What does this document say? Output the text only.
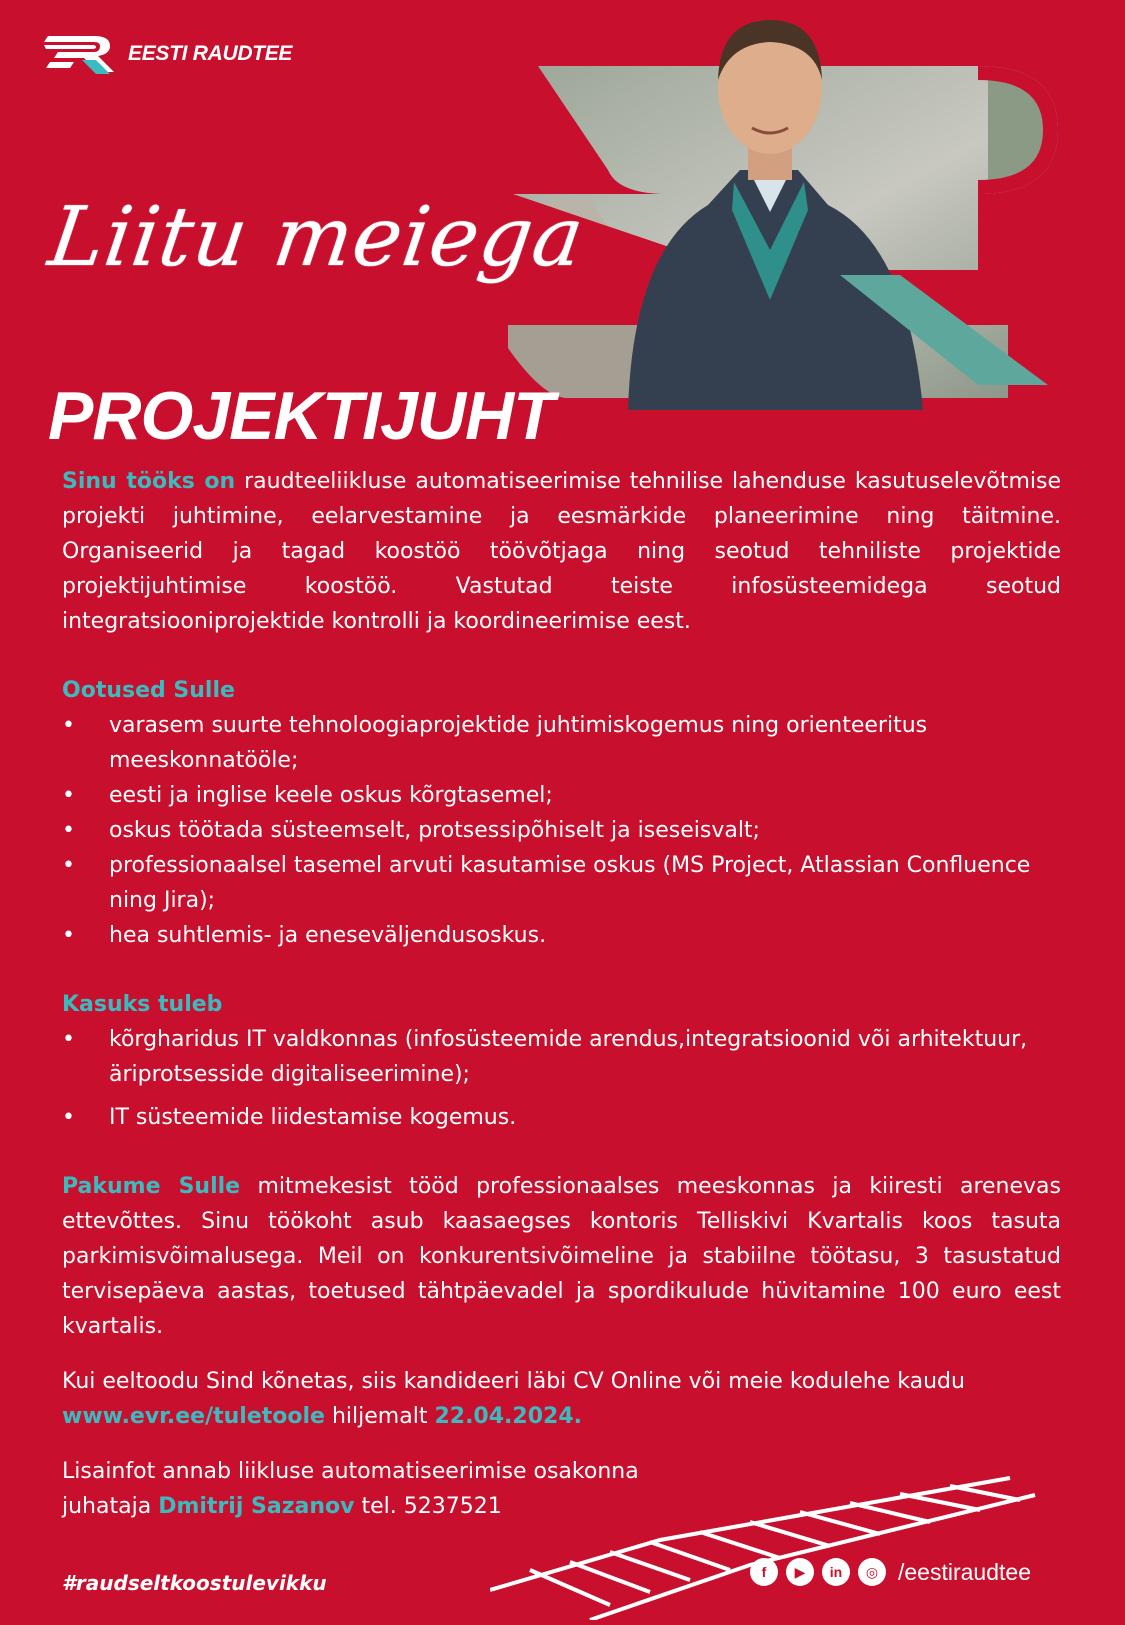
EESTI RAUDTEE
Liitu meiega
PROJEKTIJUHT

Sinu tööks on raudteeliikluse automatiseerimise tehnilise lahenduse kasutuselevõtmise projekti juhtimine, eelarvestamine ja eesmärkide planeerimine ning täitmine. Organiseerid ja tagad koostöö töövõtjaga ning seotud tehniliste projektide projektijuhtimise koostöö. Vastutad teiste infosüsteemidega seotud integratsiooniprojektide kontrolli ja koordineerimise eest.

Ootused Sulle
• varasem suurte tehnoloogiaprojektide juhtimiskogemus ning orienteeritus meeskonnatööle;
• eesti ja inglise keele oskus kõrgtasemel;
• oskus töötada süsteemselt, protsessipõhiselt ja iseseisvalt;
• professionaalsel tasemel arvuti kasutamise oskus (MS Project, Atlassian Confluence ning Jira);
• hea suhtlemis- ja eneseväljendusoskus.
Kasuks tuleb
• kõrgharidus IT valdkonnas (infosüsteemide arendus,integratsioonid või arhitektuur, äriprotsesside digitaliseerimine);
• IT süsteemide liidestamise kogemus.

Pakume Sulle mitmekesist tööd professionaalses meeskonnas ja kiiresti arenevas ettevõttes. Sinu töökoht asub kaasaegses kontoris Telliskivi Kvartalis koos tasuta parkimisvõimalusega. Meil on konkurentsivõimeline ja stabiilne töötasu, 3 tasustatud tervisepäeva aastas, toetused tähtpäevadel ja spordikulude hüvitamine 100 euro eest kvartalis.

Kui eeltoodu Sind kõnetas, siis kandideeri läbi CV Online või meie kodulehe kaudu
www.evr.ee/tuletoole hiljemalt 22.04.2024.

Lisainfot annab liikluse automatiseerimise osakonna
juhataja Dmitrij Sazanov tel. 5237521

#raudseltkoostulevikku	f	▶	in	◎ /eestiraudtee
